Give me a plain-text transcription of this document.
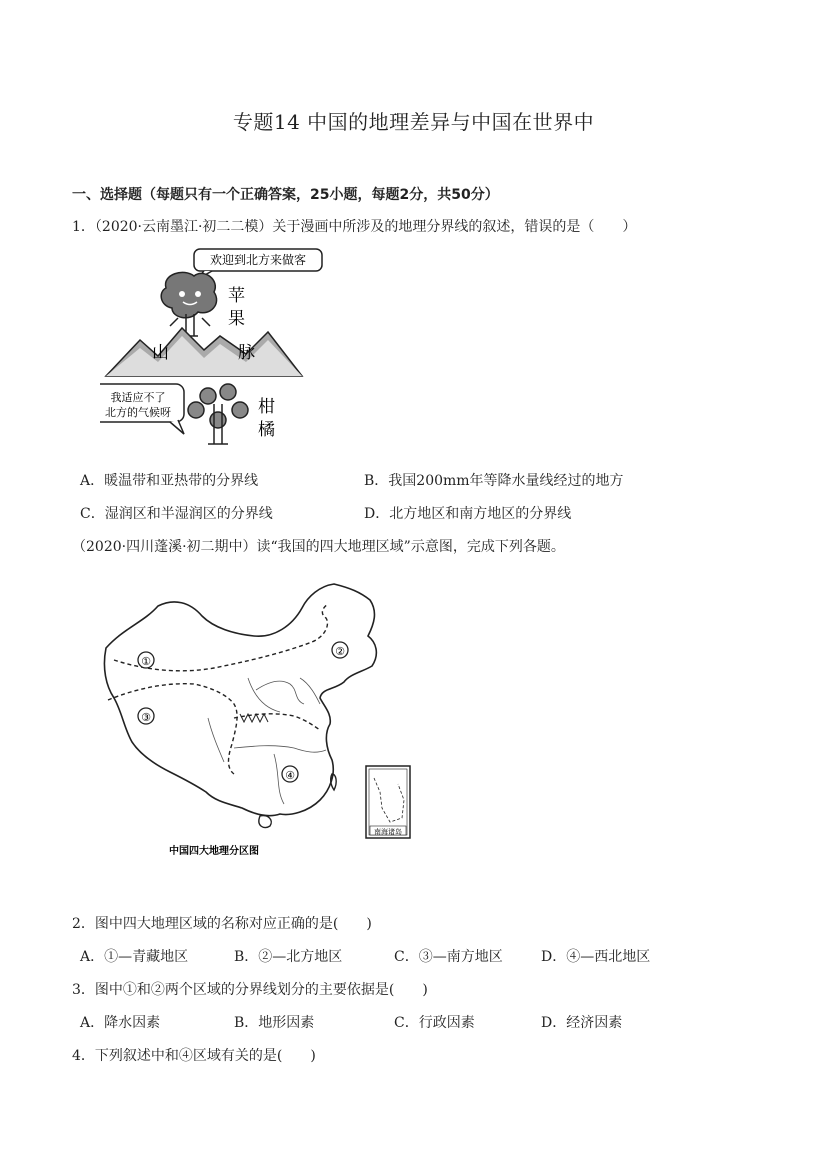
专题14 中国的地理差异与中国在世界中
一、选择题（每题只有一个正确答案，25小题，每题2分，共50分）
1．（2020·云南墨江·初二二模）关于漫画中所涉及的地理分界线的叙述，错误的是（　　）
欢迎到北方来做客
苹
果
山	脉
我适应不了
北方的气候呀	柑
橘
A．暖温带和亚热带的分界线	B．我国200mm年等降水量线经过的地方
C．湿润区和半湿润区的分界线	D．北方地区和南方地区的分界线
（2020·四川蓬溪·初二期中）读“我国的四大地理区域”示意图，完成下列各题。
①
②
③
④
南海诸岛
中国四大地理分区图
2．图中四大地理区域的名称对应正确的是(　　)
A．①—青藏地区	B．②—北方地区	C．③—南方地区	D．④—西北地区
3．图中①和②两个区域的分界线划分的主要依据是(　　)
A．降水因素	B．地形因素	C．行政因素	D．经济因素
4．下列叙述中和④区域有关的是(　　)
